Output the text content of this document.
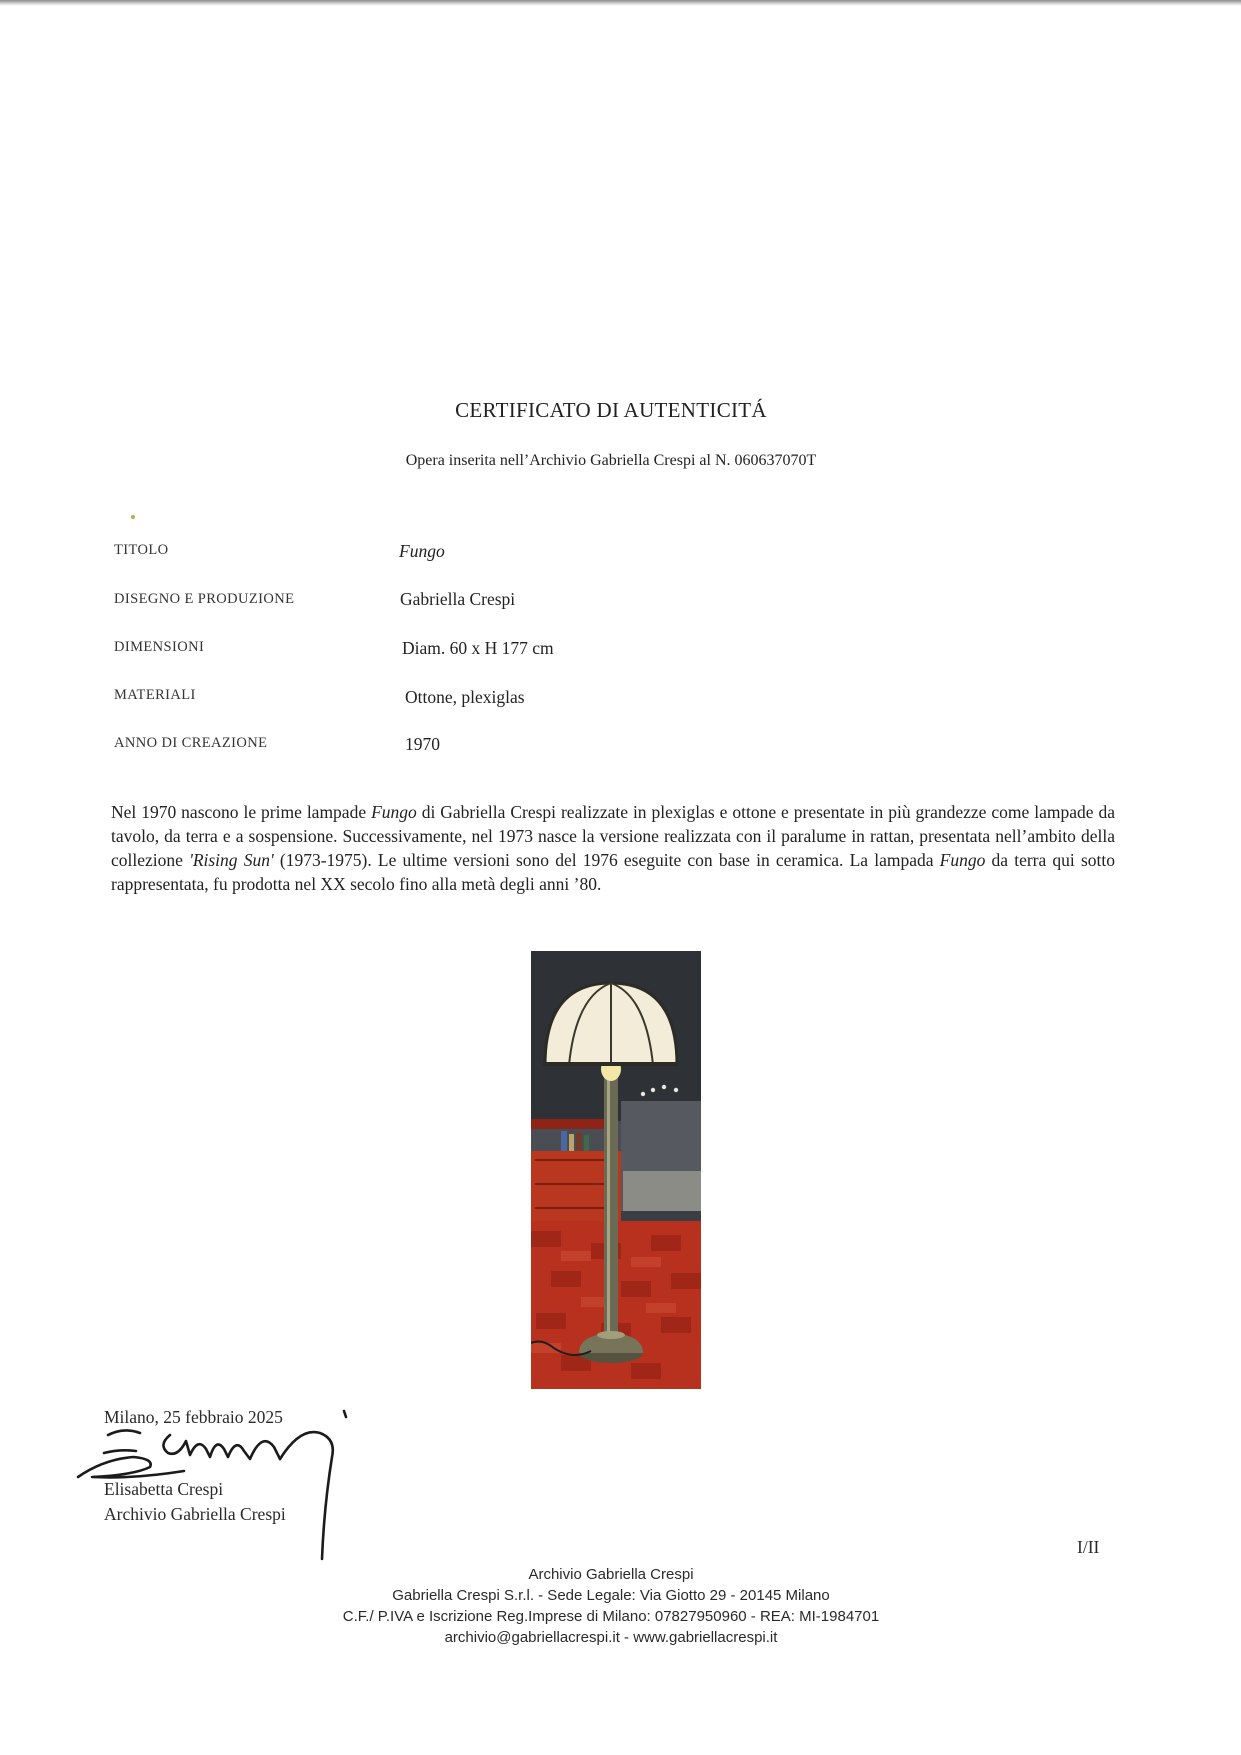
CERTIFICATO DI AUTENTICITÁ
Opera inserita nell’Archivio Gabriella Crespi al N. 060637070T
TITOLO	Fungo
DISEGNO E PRODUZIONE	Gabriella Crespi
DIMENSIONI	Diam. 60 x H 177 cm
MATERIALI	Ottone, plexiglas
ANNO DI CREAZIONE	1970
Nel 1970 nascono le prime lampade Fungo di Gabriella Crespi realizzate in plexiglas e ottone e presentate in più grandezze come lampade da tavolo, da terra e a sospensione. Successivamente, nel 1973 nasce la versione realizzata con il paralume in rattan, presentata nell’ambito della collezione 'Rising Sun' (1973-1975). Le ultime versioni sono del 1976 eseguite con base in ceramica. La lampada Fungo da terra qui sotto rappresentata, fu prodotta nel XX secolo fino alla metà degli anni ’80.
Milano, 25 febbraio 2025
Elisabetta Crespi
Archivio Gabriella Crespi
I/II
Archivio Gabriella Crespi
Gabriella Crespi S.r.l. - Sede Legale: Via Giotto 29 - 20145 Milano
C.F./ P.IVA e Iscrizione Reg.Imprese di Milano: 07827950960 - REA: MI-1984701
archivio@gabriellacrespi.it - www.gabriellacrespi.it
